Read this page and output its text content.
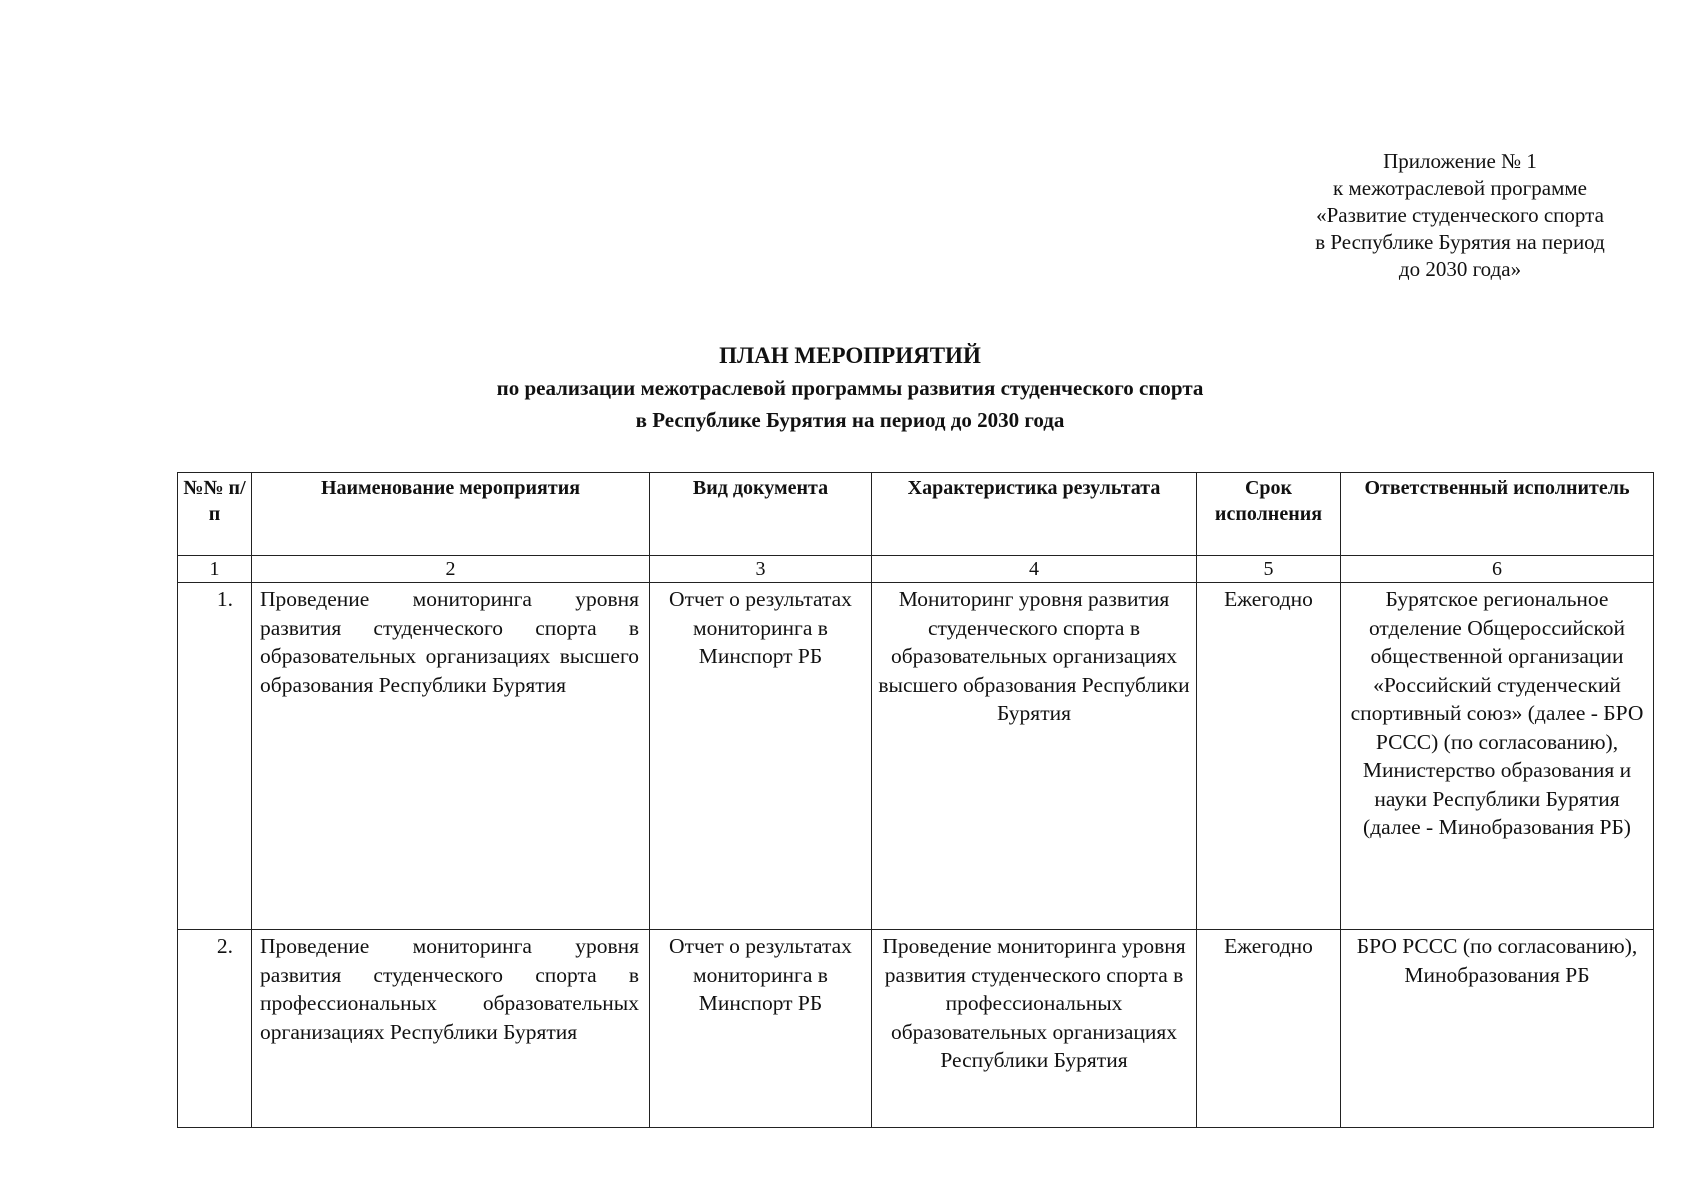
Приложение № 1
к межотраслевой программе
«Развитие студенческого спорта
в Республике Бурятия на период
до 2030 года»
ПЛАН МЕРОПРИЯТИЙ
по реализации межотраслевой программы развития студенческого спорта
в Республике Бурятия на период до 2030 года
№№ п/п	Наименование мероприятия	Вид документа	Характеристика результата	Срок исполнения	Ответственный исполнитель
1	2	3	4	5	6
1.	Проведение мониторинга уровня развития студенческого спорта в образовательных организациях высшего образования Республики Бурятия	Отчет о результатах мониторинга в Минспорт РБ	Мониторинг уровня развития студенческого спорта в образовательных организациях высшего образования Республики Бурятия	Ежегодно	Бурятское региональное отделение Общероссийской общественной организации «Российский студенческий спортивный союз» (далее - БРО РССС) (по согласованию), Министерство образования и науки Республики Бурятия (далее - Минобразования РБ)
2.	Проведение мониторинга уровня развития студенческого спорта в профессиональных образовательных организациях Республики Бурятия	Отчет о результатах мониторинга в Минспорт РБ	Проведение мониторинга уровня развития студенческого спорта в профессиональных образовательных организациях Республики Бурятия	Ежегодно	БРО РССС (по согласованию), Минобразования РБ
